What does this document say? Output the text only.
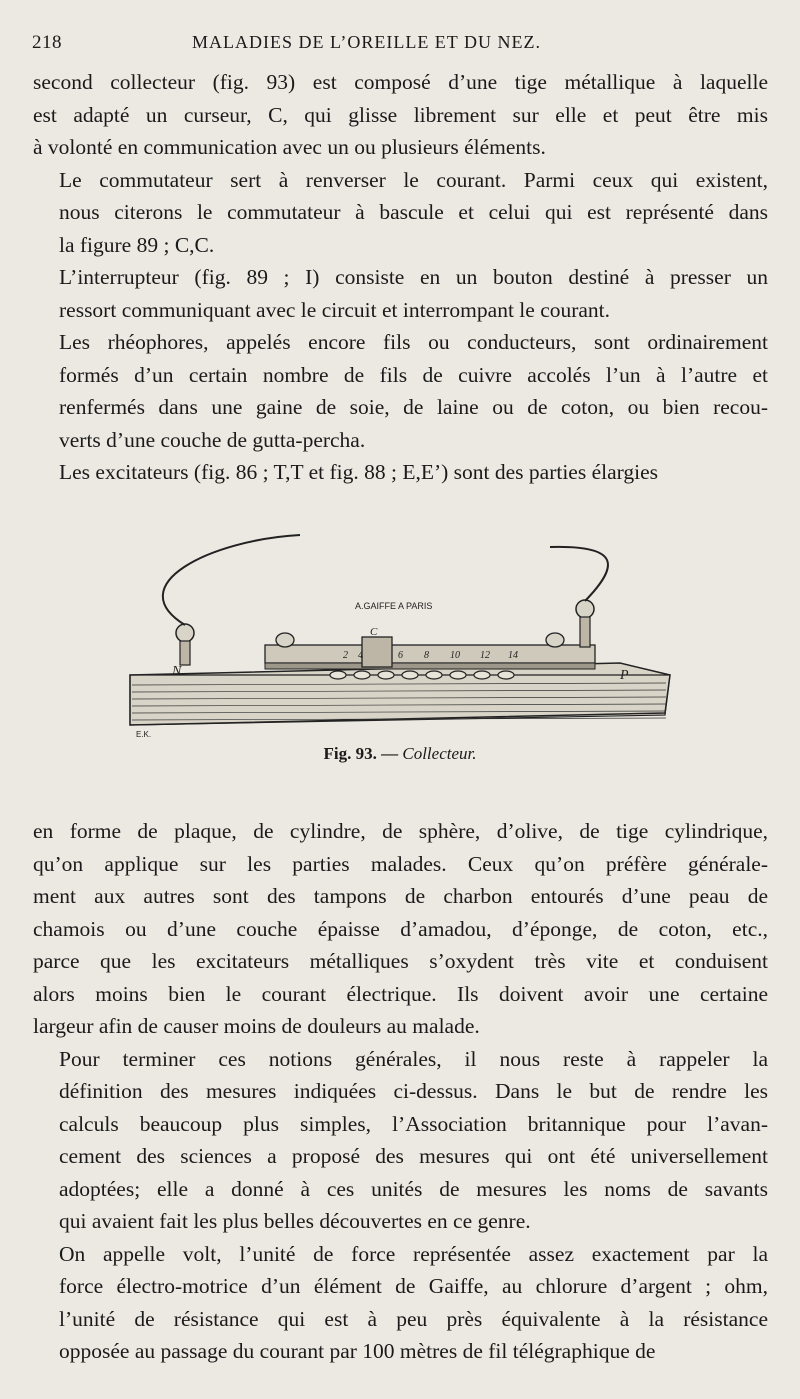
218	MALADIES DE L’OREILLE ET DU NEZ.

second collecteur (fig. 93) est composé d’une tige métallique à laquelle
est adapté un curseur, C, qui glisse librement sur elle et peut être mis
à volonté en communication avec un ou plusieurs éléments.

Le commutateur sert à renverser le courant. Parmi ceux qui existent,
nous citerons le commutateur à bascule et celui qui est représenté dans
la figure 89 ; C,C.

L’interrupteur (fig. 89 ; I) consiste en un bouton destiné à presser un
ressort communiquant avec le circuit et interrompant le courant.

Les rhéophores, appelés encore fils ou conducteurs, sont ordinairement
formés d’un certain nombre de fils de cuivre accolés l’un à l’autre et
renfermés dans une gaine de soie, de laine ou de coton, ou bien recou-
verts d’une couche de gutta-percha.

Les excitateurs (fig. 86 ; T,T et fig. 88 ; E,E’) sont des parties élargies

A.GAIFFE A PARIS
C
2 4	6 8 10 12 14
N	P
E.K.
Fig. 93. — Collecteur.

en forme de plaque, de cylindre, de sphère, d’olive, de tige cylindrique,
qu’on applique sur les parties malades. Ceux qu’on préfère générale-
ment aux autres sont des tampons de charbon entourés d’une peau de
chamois ou d’une couche épaisse d’amadou, d’éponge, de coton, etc.,
parce que les excitateurs métalliques s’oxydent très vite et conduisent
alors moins bien le courant électrique. Ils doivent avoir une certaine
largeur afin de causer moins de douleurs au malade.

Pour terminer ces notions générales, il nous reste à rappeler la
définition des mesures indiquées ci-dessus. Dans le but de rendre les
calculs beaucoup plus simples, l’Association britannique pour l’avan-
cement des sciences a proposé des mesures qui ont été universellement
adoptées; elle a donné à ces unités de mesures les noms de savants
qui avaient fait les plus belles découvertes en ce genre.

On appelle volt, l’unité de force représentée assez exactement par la
force électro-motrice d’un élément de Gaiffe, au chlorure d’argent ; ohm,
l’unité de résistance qui est à peu près équivalente à la résistance
opposée au passage du courant par 100 mètres de fil télégraphique de
